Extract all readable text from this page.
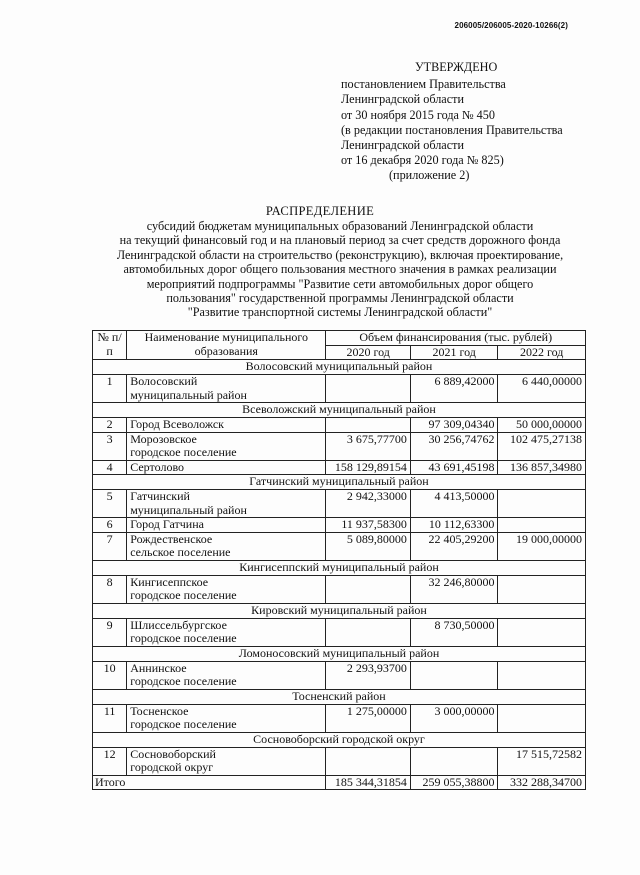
206005/206005-2020-10266(2)
УТВЕРЖДЕНО
постановлением Правительства
Ленинградской области
от 30 ноября 2015 года № 450
(в редакции постановления Правительства
Ленинградской области
от 16 декабря 2020 года № 825)
(приложение 2)
РАСПРЕДЕЛЕНИЕ
субсидий бюджетам муниципальных образований Ленинградской области
на текущий финансовый год и на плановый период за счет средств дорожного фонда
Ленинградской области на строительство (реконструкцию), включая проектирование,
автомобильных дорог общего пользования местного значения в рамках реализации
мероприятий подпрограммы "Развитие сети автомобильных дорог общего
пользования" государственной программы Ленинградской области
"Развитие транспортной системы Ленинградской области"
№ п/п	Наименование муниципального образования	Объем финансирования (тыс. рублей)		
		2020 год	2021 год	2022 год
Волосовский муниципальный район				
1	Волосовский
муниципальный район		6 889,42000	6 440,00000
Всеволожский муниципальный район				
2	Город Всеволожск		97 309,04340	50 000,00000
3	Морозовское
городское поселение	3 675,77700	30 256,74762	102 475,27138
4	Сертолово	158 129,89154	43 691,45198	136 857,34980
Гатчинский муниципальный район				
5	Гатчинский
муниципальный район	2 942,33000	4 413,50000	
6	Город Гатчина	11 937,58300	10 112,63300	
7	Рождественское
сельское поселение	5 089,80000	22 405,29200	19 000,00000
Кингисеппский муниципальный район				
8	Кингисеппское
городское поселение		32 246,80000	
Кировский муниципальный район				
9	Шлиссельбургское
городское поселение		8 730,50000	
Ломоносовский муниципальный район				
10	Аннинское
городское поселение	2 293,93700		
Тосненский район				
11	Тосненское
городское поселение	1 275,00000	3 000,00000	
Сосновоборский городской округ				
12	Сосновоборский
городской округ			17 515,72582
Итого		185 344,31854	259 055,38800	332 288,34700
